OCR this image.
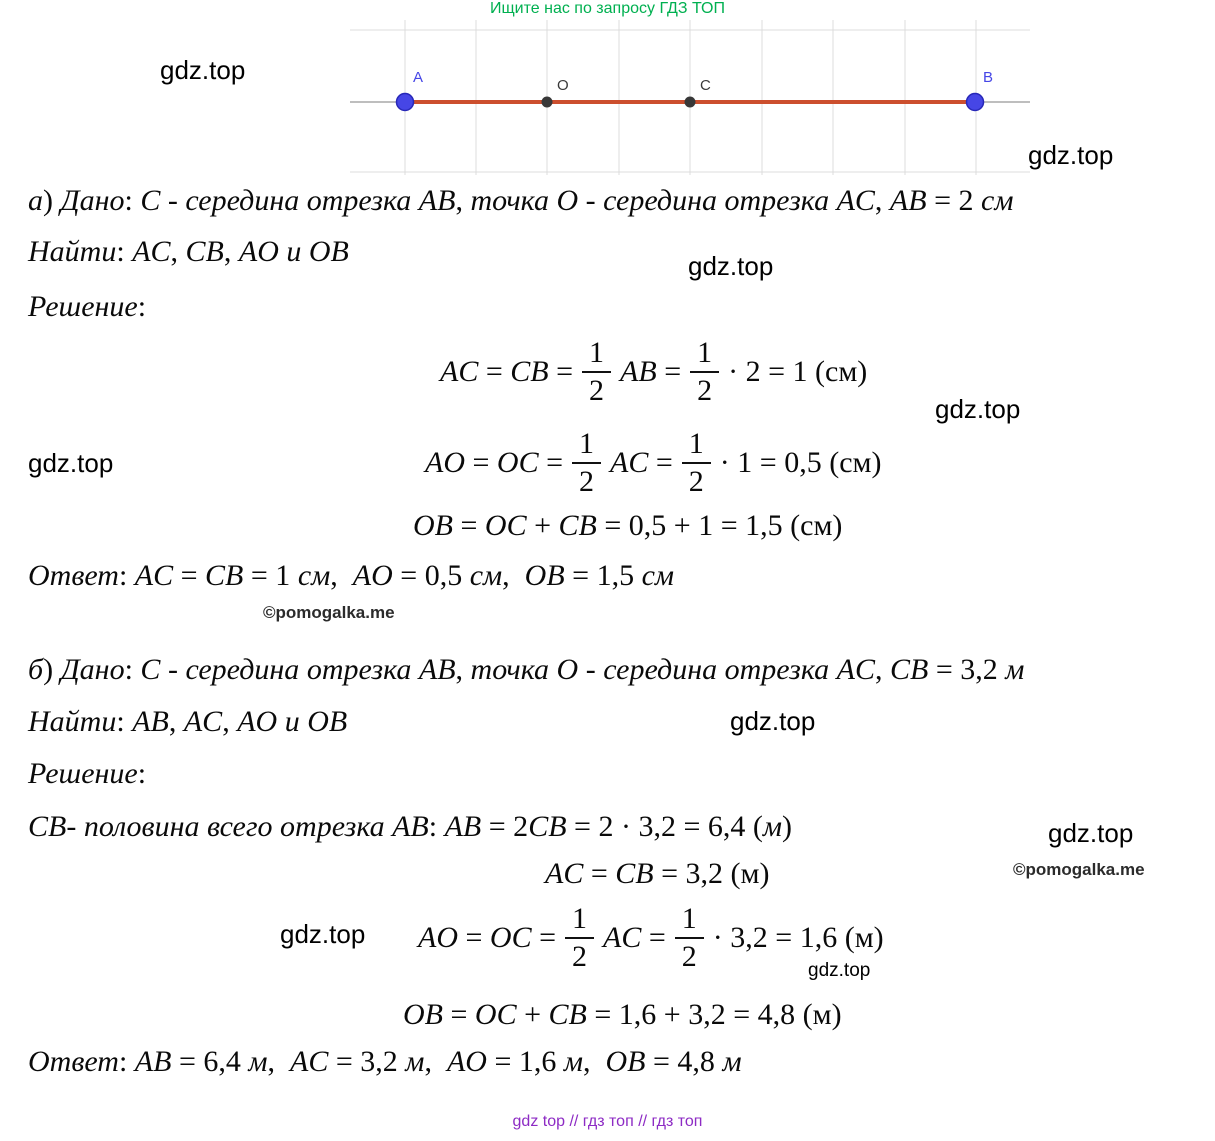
Ищите нас по запросу ГДЗ ТОП
A	O	C	B
gdz.top
gdz.top
gdz.top
gdz.top
gdz.top
gdz.top
gdz.top
gdz.top
gdz.top
©pomogalka.me
©pomogalka.me
а) Дано: C - середина отрезка AB, точка O - середина отрезка AC, AB = 2 см
Найти: AC, CB, AO и OB
Решение:
AC = CB = $\frac{1}{2}$ AB = $\frac{1}{2} \cdot 2 = 1$ (см)
AO = OC = $\frac{1}{2}$ AC = $\frac{1}{2} \cdot 1 = 0,5$ (см)
OB = OC + CB = 0,5 + 1 = 1,5 (см)
Ответ: AC = CB = 1 см,  AO = 0,5 см,  OB = 1,5 см
б) Дано: C - середина отрезка AB, точка O - середина отрезка AC, CB = 3,2 м
Найти: AB, AC, AO и OB
Решение:
CB- половина всего отрезка AB: AB = 2CB = 2 · 3,2 = 6,4 (м)
AC = CB = 3,2 (м)
AO = OC = $\frac{1}{2}$ AC = $\frac{1}{2} \cdot 3,2 = 1,6$ (м)
OB = OC + CB = 1,6 + 3,2 = 4,8 (м)
Ответ: AB = 6,4 м,  AC = 3,2 м,  AO = 1,6 м,  OB = 4,8 м
gdz top // гдз топ // гдз топ
